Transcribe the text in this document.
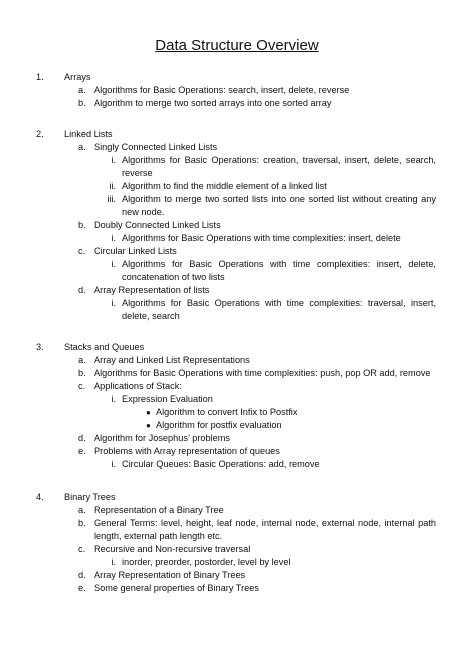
Data Structure Overview
1. Arrays
a. Algorithms for Basic Operations: search, insert, delete, reverse
b. Algorithm to merge two sorted arrays into one sorted array
2. Linked Lists
a. Singly Connected Linked Lists
i. Algorithms for Basic Operations: creation, traversal, insert, delete, search,
reverse
ii. Algorithm to find the middle element of a linked list
iii. Algorithm to merge two sorted lists into one sorted list without creating any
new node.
b. Doubly Connected Linked Lists
i. Algorithms for Basic Operations with time complexities: insert, delete
c. Circular Linked Lists
i. Algorithms for Basic Operations with time complexities: insert, delete,
concatenation of two lists
d. Array Representation of lists
i. Algorithms for Basic Operations with time complexities: traversal, insert,
delete, search
3. Stacks and Queues
a. Array and Linked List Representations
b. Algorithms for Basic Operations with time complexities: push, pop OR add, remove
c. Applications of Stack:
i. Expression Evaluation
● Algorithm to convert Infix to Postfix
● Algorithm for postfix evaluation
d. Algorithm for Josephus’ problems
e. Problems with Array representation of queues
i. Circular Queues: Basic Operations: add, remove
4. Binary Trees
a. Representation of a Binary Tree
b. General Terms: level, height, leaf node, internal node, external node, internal path
length, external path length etc.
c. Recursive and Non-recursive traversal
i. inorder, preorder, postorder, level by level
d. Array Representation of Binary Trees
e. Some general properties of Binary Trees
